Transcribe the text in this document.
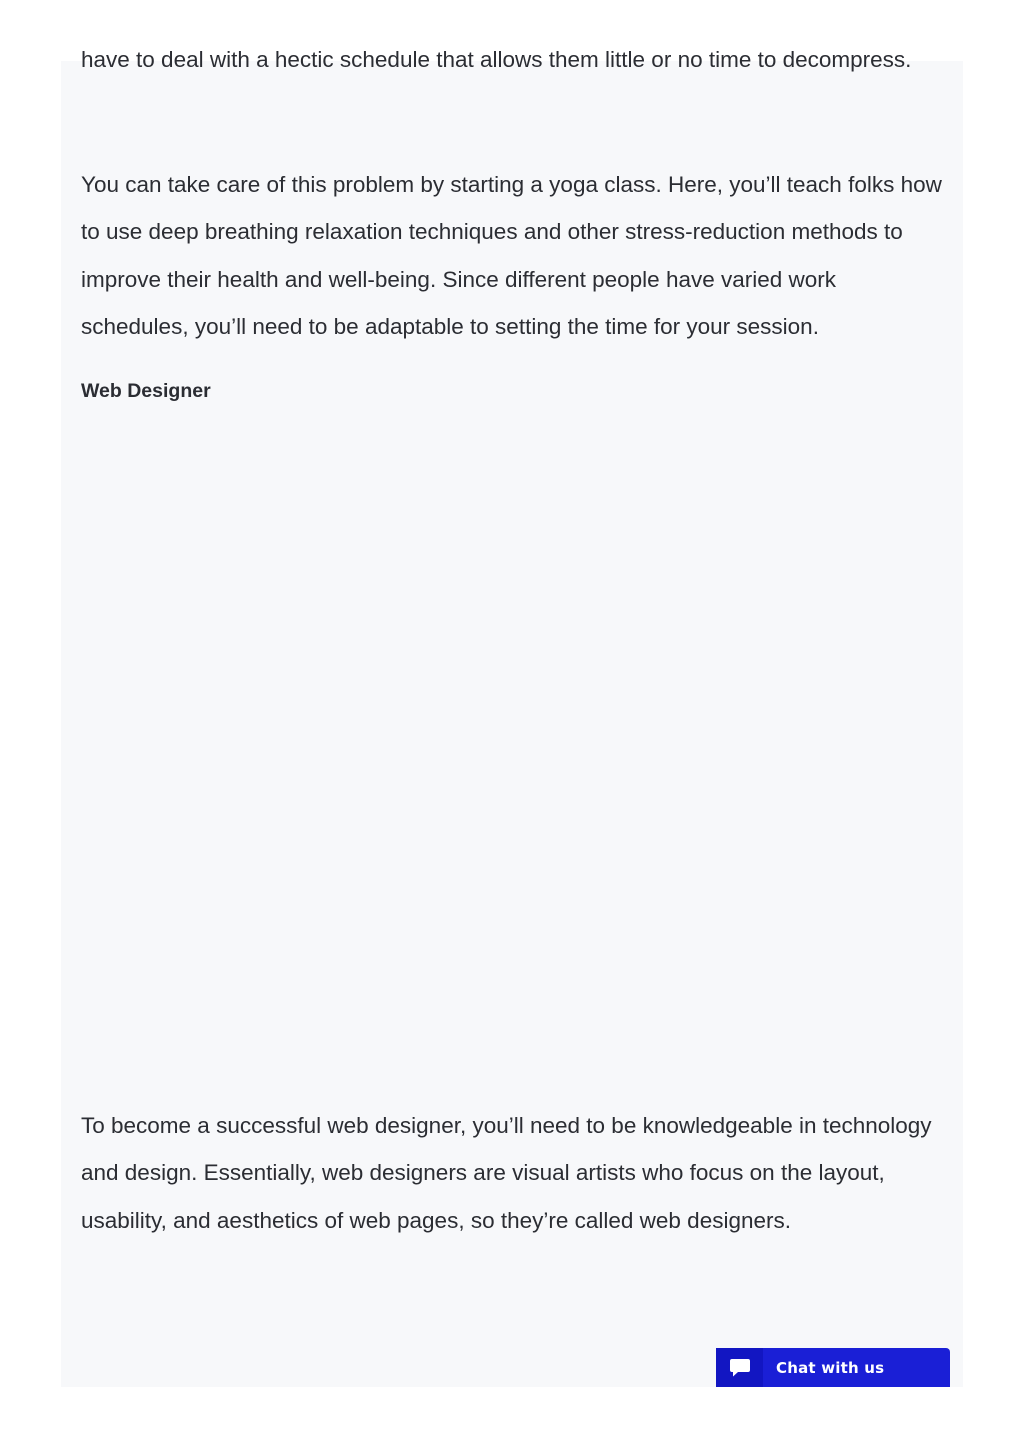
have to deal with a hectic schedule that allows them little or no time to decompress.

You can take care of this problem by starting a yoga class. Here, you’ll teach folks how to use deep breathing relaxation techniques and other stress-reduction methods to improve their health and well-being. Since different people have varied work schedules, you’ll need to be adaptable to setting the time for your session.

Web Designer

To become a successful web designer, you’ll need to be knowledgeable in technology and design. Essentially, web designers are visual artists who focus on the layout, usability, and aesthetics of web pages, so they’re called web designers.

Chat with us
